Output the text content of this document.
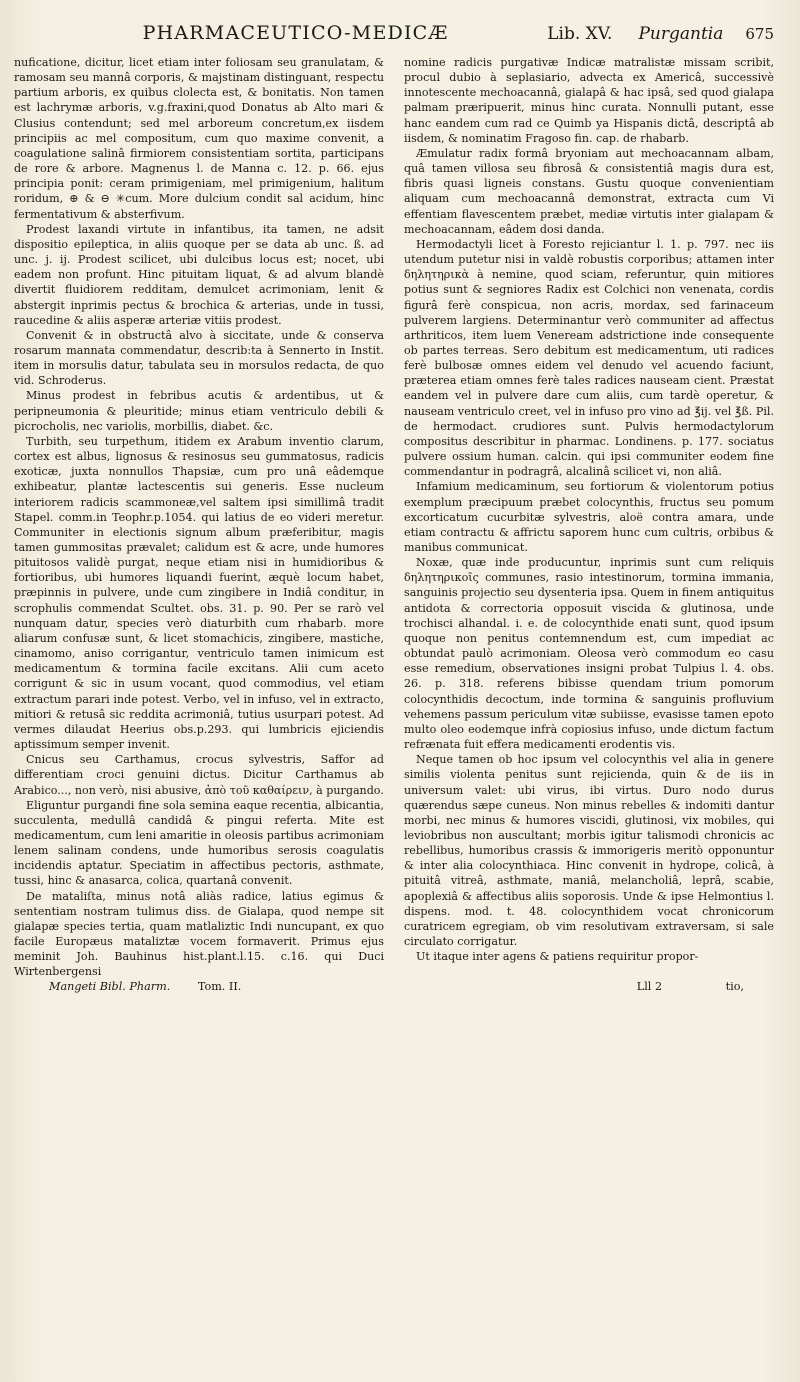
PHARMACEUTICO-MEDICÆ	Lib. XV. Purgantia 675

nuficatione, dicitur, licet etiam inter foliosam seu granulatam, & ramosam seu mannâ corporis, & majstinam distinguant, respectu partium arboris, ex quibus clolecta est, & bonitatis. Non tamen est lachrymæ arboris, v.g.fraxini,quod Donatus ab Alto mari & Clusius contendunt; sed mel arboreum concretum,ex iisdem principiis ac mel compositum, cum quo maxime convenit, a coagulatione salinâ firmiorem consistentiam sortita, participans de rore & arbore. Magnenus l. de Manna c. 12. p. 66. ejus principia ponit: ceram primigeniam, mel primigenium, halitum roridum, ⊕ & ⊖ ✳cum. More dulcium condit sal acidum, hinc fermentativum & absterfivum.

Prodest laxandi virtute in infantibus, ita tamen, ne adsit dispositio epileptica, in aliis quoque per se data ab unc. ß. ad unc. j. ij. Prodest scilicet, ubi dulcibus locus est; nocet, ubi eadem non profunt. Hinc pituitam liquat, & ad alvum blandè divertit fluidiorem redditam, demulcet acrimoniam, lenit & abstergit inprimis pectus & brochica & arterias, unde in tussi, raucedine & aliis asperæ arteriæ vitiis prodest.

Convenit & in obstructâ alvo à siccitate, unde & conserva rosarum mannata commendatur, describ:ta à Sennerto in Instit. item in morsulis datur, tabulata seu in morsulos redacta, de quo vid. Schroderus.

Minus prodest in febribus acutis & ardentibus, ut & peripneumonia & pleuritide; minus etiam ventriculo debili & picrocholis, nec variolis, morbillis, diabet. &c.

Turbith, seu turpethum, itidem ex Arabum inventio clarum, cortex est albus, lignosus & resinosus seu gummatosus, radicis exoticæ, juxta nonnullos Thapsiæ, cum pro unâ eâdemque exhibeatur, plantæ lactescentis sui generis. Esse nucleum interiorem radicis scammoneæ,vel saltem ipsi simillimâ tradit Stapel. comm.in Teophr.p.1054. qui latius de eo videri meretur. Communiter in electionis signum album præferibitur, magis tamen gummositas prævalet; calidum est & acre, unde humores pituitosos validè purgat, neque etiam nisi in humidioribus & fortioribus, ubi humores liquandi fuerint, æquè locum habet, præpinnis in pulvere, unde cum zingibere in Indiâ conditur, in scrophulis commendat Scultet. obs. 31. p. 90. Per se rarò vel nunquam datur, species verò diaturbith cum rhabarb. more aliarum confusæ sunt, & licet stomachicis, zingibere, mastiche, cinamomo, aniso corrigantur, ventriculo tamen inimicum est medicamentum & tormina facile excitans. Alii cum aceto corrigunt & sic in usum vocant, quod commodius, vel etiam extractum parari inde potest. Verbo, vel in infuso, vel in extracto, mitiori & retusâ sic reddita acrimoniâ, tutius usurpari potest. Ad vermes dilaudat Heerius obs.p.293. qui lumbricis ejiciendis aptissimum semper invenit.

Cnicus seu Carthamus, crocus sylvestris, Saffor ad differentiam croci genuini dictus. Dicitur Carthamus ab Arabico..., non verò, nisi abusive, ἀπὸ τοῦ καθαίρειν, à purgando.

Eliguntur purgandi fine sola semina eaque recentia, albicantia, succulenta, medullâ candidâ & pingui referta. Mite est medicamentum, cum leni amaritie in oleosis partibus acrimoniam lenem salinam condens, unde humoribus serosis coagulatis incidendis aptatur. Speciatim in affectibus pectoris, asthmate, tussi, hinc & anasarca, colica, quartanâ convenit.

De mataliſta, minus notâ aliàs radice, latius egimus & sententiam nostram tulimus diss. de Gialapa, quod nempe sit gialapæ species tertia, quam matlaliztic Indi nuncupant, ex quo facile Europæus mataliztæ vocem formaverit. Primus ejus meminit Joh. Bauhinus hist.plant.l.15. c.16. qui Duci Wirtenbergensi

nomine radicis purgativæ Indicæ matralistæ missam scribit, procul dubio à seplasiario, advecta ex Americâ, successivè innotescente mechoacannâ, gialapâ & hac ipsâ, sed quod gialapa palmam præripuerit, minus hinc curata. Nonnulli putant, esse hanc eandem cum rad ce Quimb ya Hispanis dictâ, descriptâ ab iisdem, & nominatim Fragoso fin. cap. de rhabarb.

Æmulatur radix formâ bryoniam aut mechoacannam albam, quâ tamen villosa seu fibrosâ & consistentiâ magis dura est, fibris quasi ligneis constans. Gustu quoque convenientiam aliquam cum mechoacannâ demonstrat, extracta cum Vi effentiam flavescentem præbet, mediæ virtutis inter gialapam & mechoacannam, eâdem dosi danda.

Hermodactyli licet à Foresto rejiciantur l. 1. p. 797. nec iis utendum putetur nisi in valdè robustis corporibus; attamen inter δηλητηρικὰ à nemine, quod sciam, referuntur, quin mitiores potius sunt & segniores Radix est Colchici non venenata, cordis figurâ ferè conspicua, non acris, mordax, sed farinaceum pulverem largiens. Determinantur verò communiter ad affectus arthriticos, item luem Veneream adstrictione inde consequente ob partes terreas. Sero debitum est medicamentum, uti radices ferè bulbosæ omnes eidem vel denudo vel acuendo faciunt, præterea etiam omnes ferè tales radices nauseam cient. Præstat eandem vel in pulvere dare cum aliis, cum tardè operetur, & nauseam ventriculo creet, vel in infuso pro vino ad ℥ij. vel ℥ß. Pil. de hermodact. crudiores sunt. Pulvis hermodactylorum compositus describitur in pharmac. Londinens. p. 177. sociatus pulvere ossium human. calcin. qui ipsi communiter eodem fine commendantur in podragrâ, alcalinâ scilicet vi, non aliâ.

Infamium medicaminum, seu fortiorum & violentorum potius exemplum præcipuum præbet colocynthis, fructus seu pomum excorticatum cucurbitæ sylvestris, aloë contra amara, unde etiam contractu & affrictu saporem hunc cum cultris, orbibus & manibus communicat.

Noxæ, quæ inde producuntur, inprimis sunt cum reliquis δηλητηρικοῖς communes, rasio intestinorum, tormina immania, sanguinis projectio seu dysenteria ipsa. Quem in finem antiquitus antidota & correctoria opposuit viscida & glutinosa, unde trochisci alhandal. i. e. de colocynthide enati sunt, quod ipsum quoque non penitus contemnendum est, cum impediat ac obtundat paulò acrimoniam. Oleosa verò commodum eo casu esse remedium, observationes insigni probat Tulpius l. 4. obs. 26. p. 318. referens bibisse quendam trium pomorum colocynthidis decoctum, inde tormina & sanguinis profluvium vehemens passum periculum vitæ subiisse, evasisse tamen epoto multo oleo eodemque infrà copiosius infuso, unde dictum factum refrænata fuit effera medicamenti erodentis vis.

Neque tamen ob hoc ipsum vel colocynthis vel alia in genere similis violenta penitus sunt rejicienda, quin & de iis in universum valet: ubi virus, ibi virtus. Duro nodo durus quærendus sæpe cuneus. Non minus rebelles & indomiti dantur morbi, nec minus & humores viscidi, glutinosi, vix mobiles, qui leviobribus non auscultant; morbis igitur talismodi chronicis ac rebellibus, humoribus crassis & immorigeris meritò opponuntur & inter alia colocynthiaca. Hinc convenit in hydrope, colicâ, à pituitâ vitreâ, asthmate, maniâ, melancholiâ, leprâ, scabie, apoplexiâ & affectibus aliis soporosis. Unde & ipse Helmontius l. dispens. mod. t. 48. colocynthidem vocat chronicorum curatricem egregiam, ob vim resolutivam extraversam, si sale circulato corrigatur.

Ut itaque inter agens & patiens requiritur propor-

Mangeti Bibl. Pharm. Tom. II.	Lll 2	tio,
